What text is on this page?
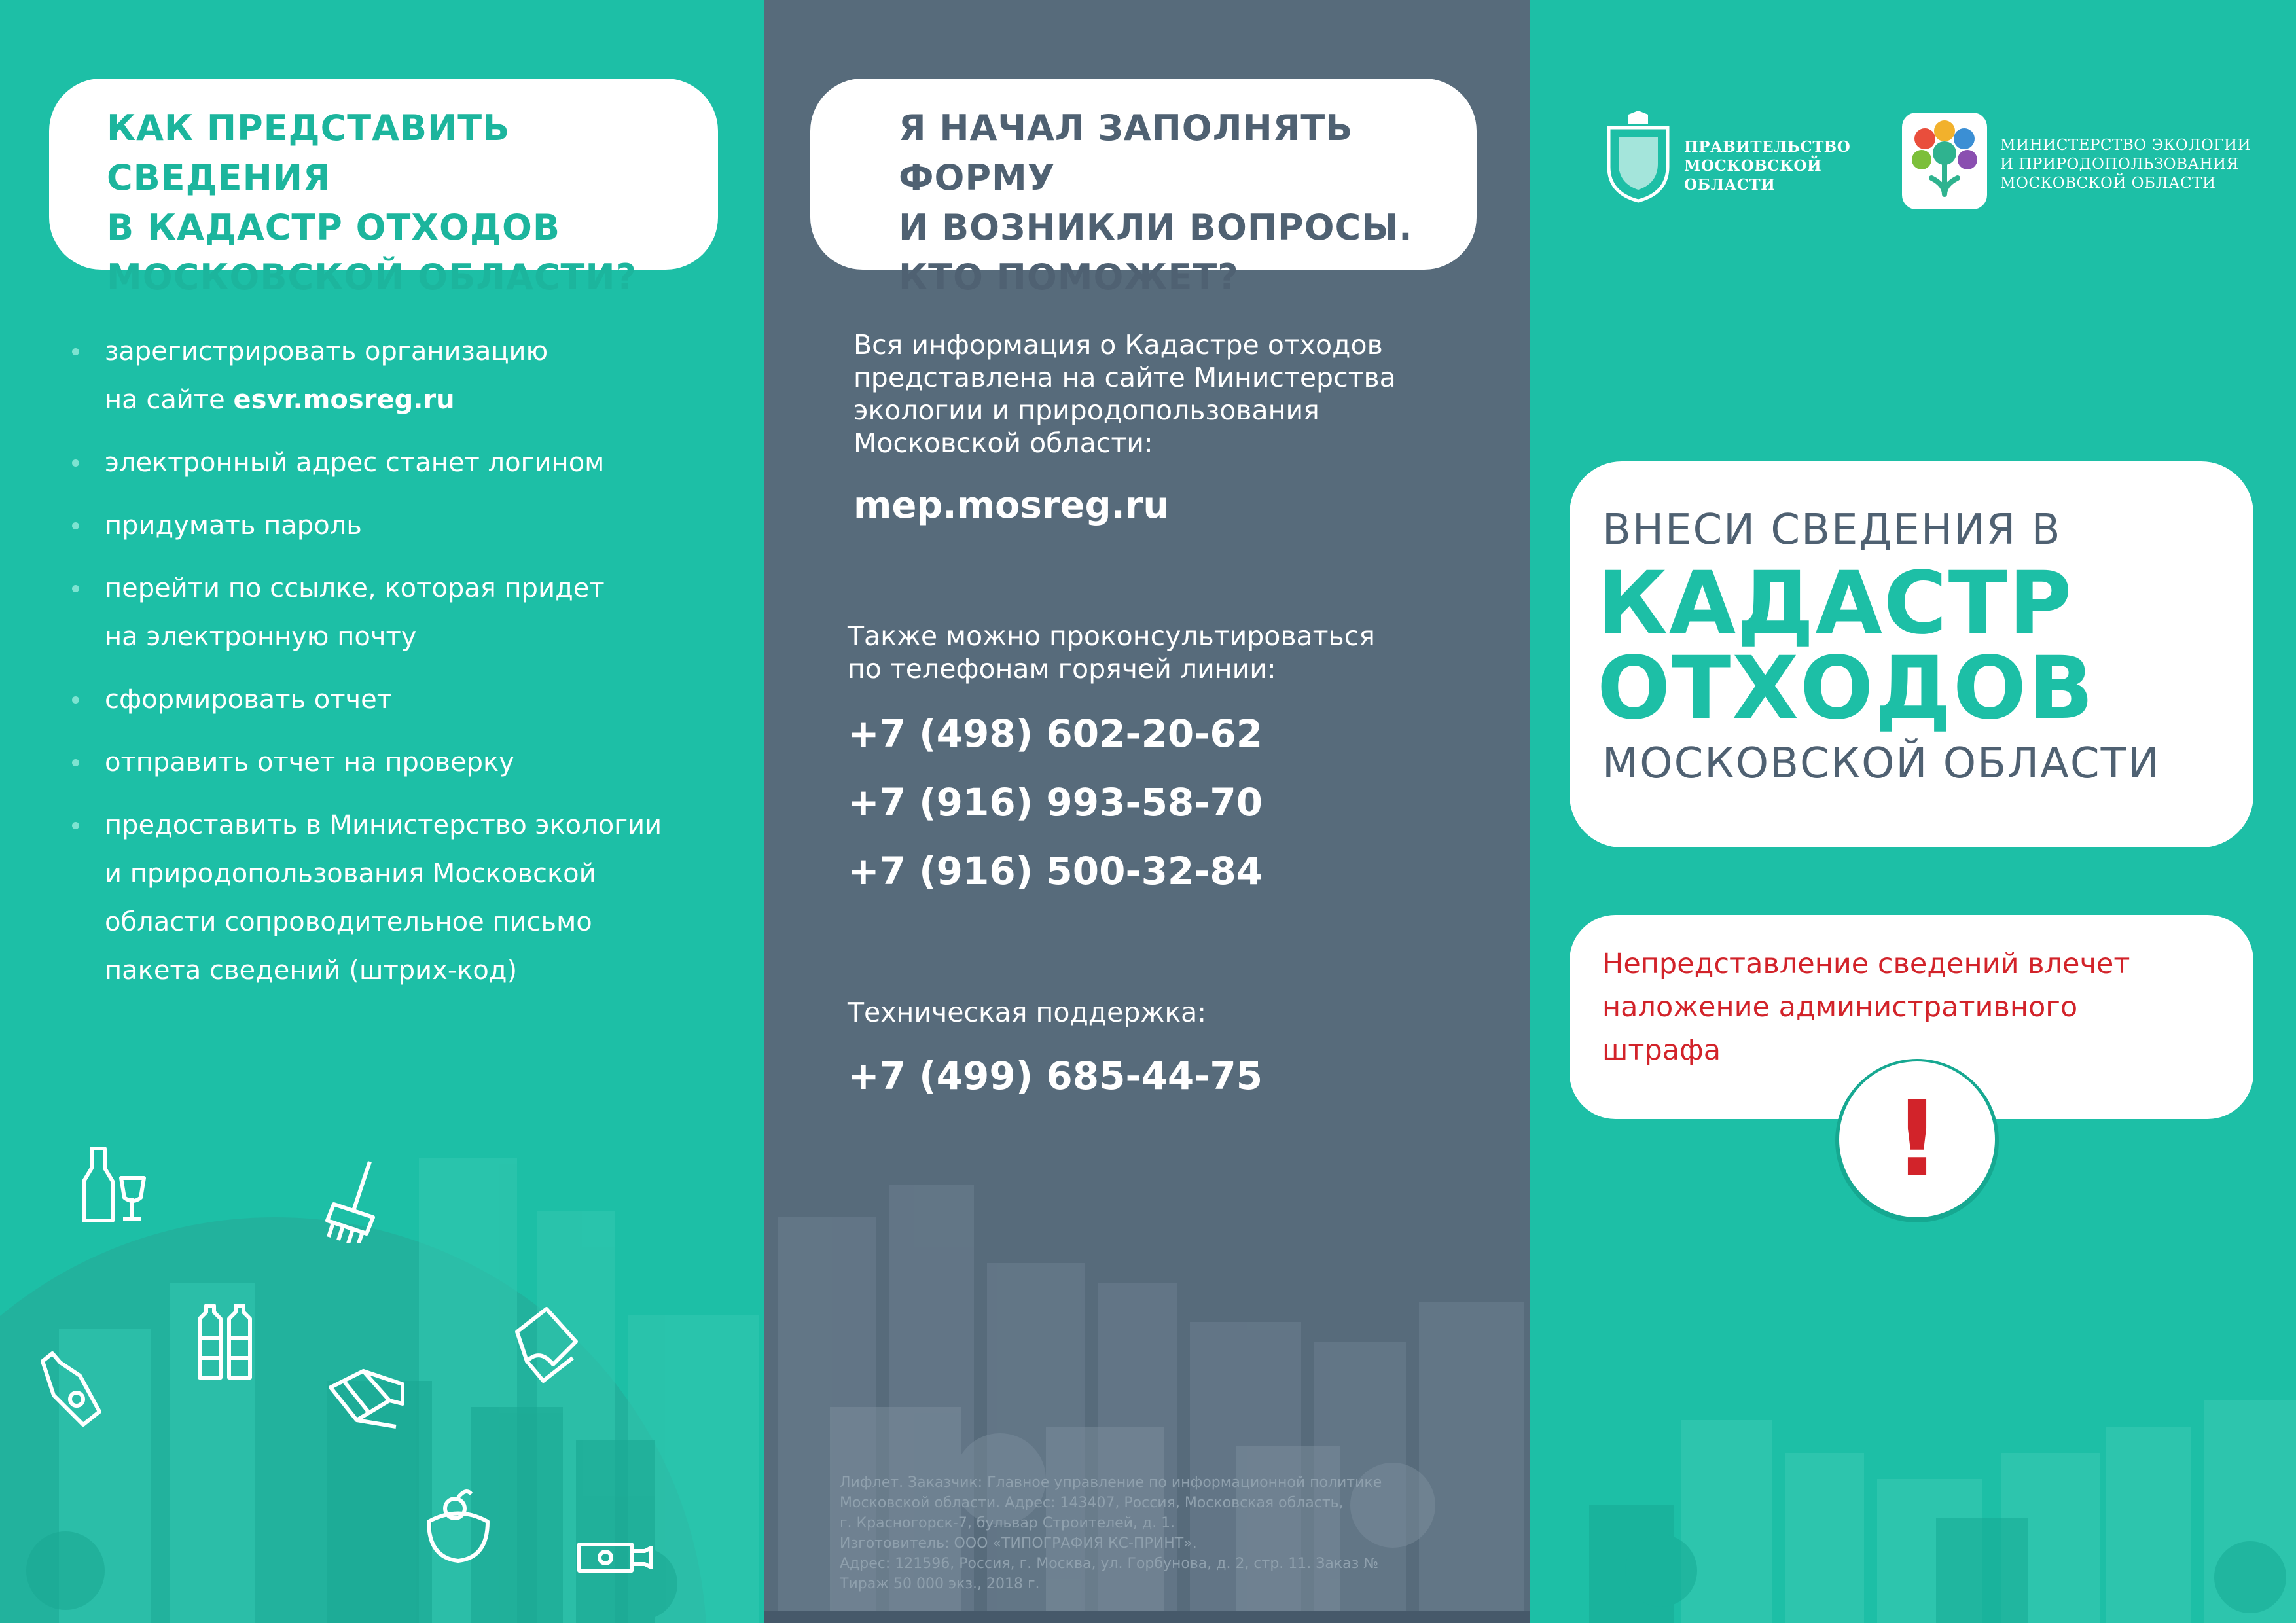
КАК ПРЕДСТАВИТЬ СВЕДЕНИЯ
В КАДАСТР ОТХОДОВ
МОСКОВСКОЙ ОБЛАСТИ?
зарегистрировать организацию
на сайте esvr.mosreg.ru
электронный адрес станет логином
придумать пароль
перейти по ссылке, которая придет
на электронную почту
сформировать отчет
отправить отчет на проверку
предоставить в Министерство экологии
и природопользования Московской
области сопроводительное письмо
пакета сведений (штрих-код)
Я НАЧАЛ ЗАПОЛНЯТЬ ФОРМУ
И ВОЗНИКЛИ ВОПРОСЫ.
КТО ПОМОЖЕТ?
Вся информация о Кадастре отходов
представлена на сайте Министерства
экологии и природопользования
Московской области:
mep.mosreg.ru
Также можно проконсультироваться
по телефонам горячей линии:
+7 (498) 602-20-62
+7 (916) 993-58-70
+7 (916) 500-32-84
Техническая поддержка:
+7 (499) 685-44-75
Лифлет. Заказчик: Главное управление по информационной политике
Московской области. Адрес: 143407, Россия, Московская область,
г. Красногорск-7, бульвар Строителей, д. 1.
Изготовитель: ООО «ТИПОГРАФИЯ КС-ПРИНТ».
Адрес: 121596, Россия, г. Москва, ул. Горбунова, д. 2, стр. 11. Заказ №
Тираж 50 000 экз., 2018 г.
ПРАВИТЕЛЬСТВО
МОСКОВСКОЙ
ОБЛАСТИ
МИНИСТЕРСТВО ЭКОЛОГИИ
И ПРИРОДОПОЛЬЗОВАНИЯ
МОСКОВСКОЙ ОБЛАСТИ
ВНЕСИ СВЕДЕНИЯ В
КАДАСТР
ОТХОДОВ
МОСКОВСКОЙ ОБЛАСТИ
Непредставление сведений влечет
наложение административного
штрафа
!
